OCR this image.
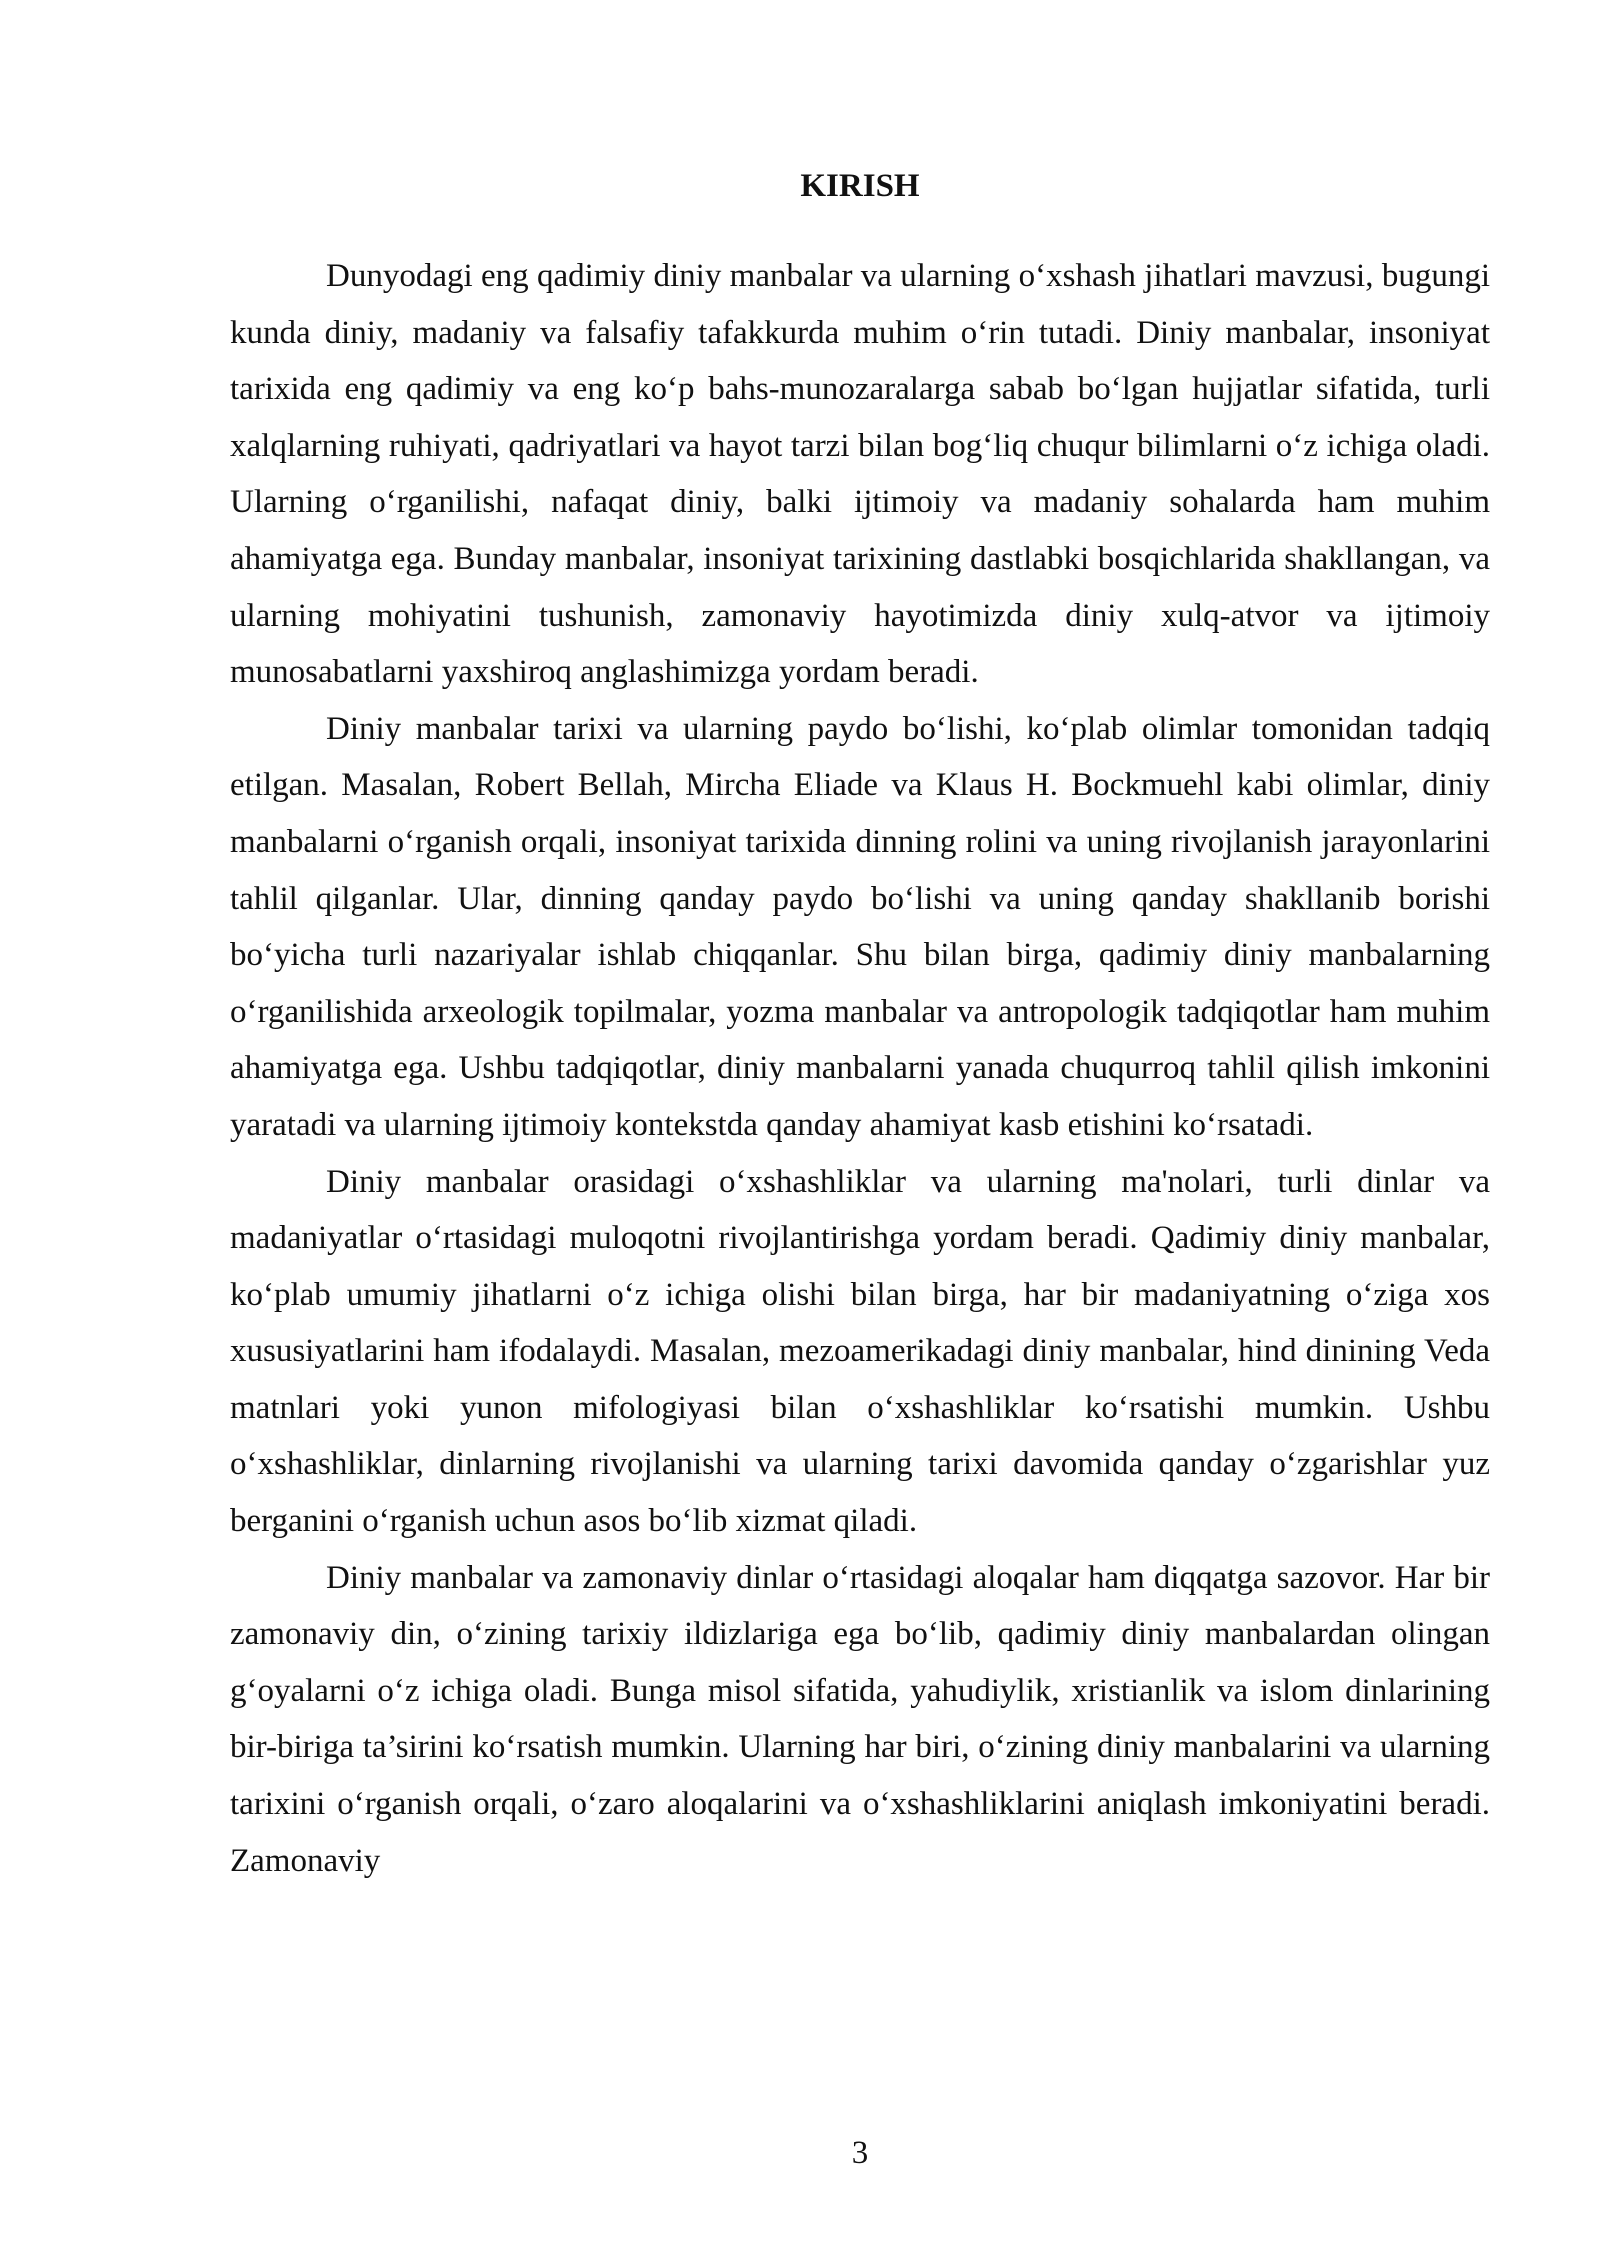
KIRISH

Dunyodagi eng qadimiy diniy manbalar va ularning o‘xshash jihatlari mavzusi, bugungi kunda diniy, madaniy va falsafiy tafakkurda muhim o‘rin tutadi. Diniy manbalar, insoniyat tarixida eng qadimiy va eng ko‘p bahs-munozaralarga sabab bo‘lgan hujjatlar sifatida, turli xalqlarning ruhiyati, qadriyatlari va hayot tarzi bilan bog‘liq chuqur bilimlarni o‘z ichiga oladi. Ularning o‘rganilishi, nafaqat diniy, balki ijtimoiy va madaniy sohalarda ham muhim ahamiyatga ega. Bunday manbalar, insoniyat tarixining dastlabki bosqichlarida shakllangan, va ularning mohiyatini tushunish, zamonaviy hayotimizda diniy xulq-atvor va ijtimoiy munosabatlarni yaxshiroq anglashimizga yordam beradi.

Diniy manbalar tarixi va ularning paydo bo‘lishi, ko‘plab olimlar tomonidan tadqiq etilgan. Masalan, Robert Bellah, Mircha Eliade va Klaus H. Bockmuehl kabi olimlar, diniy manbalarni o‘rganish orqali, insoniyat tarixida dinning rolini va uning rivojlanish jarayonlarini tahlil qilganlar. Ular, dinning qanday paydo bo‘lishi va uning qanday shakllanib borishi bo‘yicha turli nazariyalar ishlab chiqqanlar. Shu bilan birga, qadimiy diniy manbalarning o‘rganilishida arxeologik topilmalar, yozma manbalar va antropologik tadqiqotlar ham muhim ahamiyatga ega. Ushbu tadqiqotlar, diniy manbalarni yanada chuqurroq tahlil qilish imkonini yaratadi va ularning ijtimoiy kontekstda qanday ahamiyat kasb etishini ko‘rsatadi.

Diniy manbalar orasidagi o‘xshashliklar va ularning ma'nolari, turli dinlar va madaniyatlar o‘rtasidagi muloqotni rivojlantirishga yordam beradi. Qadimiy diniy manbalar, ko‘plab umumiy jihatlarni o‘z ichiga olishi bilan birga, har bir madaniyatning o‘ziga xos xususiyatlarini ham ifodalaydi. Masalan, mezoamerikadagi diniy manbalar, hind dinining Veda matnlari yoki yunon mifologiyasi bilan o‘xshashliklar ko‘rsatishi mumkin. Ushbu o‘xshashliklar, dinlarning rivojlanishi va ularning tarixi davomida qanday o‘zgarishlar yuz berganini o‘rganish uchun asos bo‘lib xizmat qiladi.

Diniy manbalar va zamonaviy dinlar o‘rtasidagi aloqalar ham diqqatga sazovor. Har bir zamonaviy din, o‘zining tarixiy ildizlariga ega bo‘lib, qadimiy diniy manbalardan olingan g‘oyalarni o‘z ichiga oladi. Bunga misol sifatida, yahudiylik, xristianlik va islom dinlarining bir-biriga ta’sirini ko‘rsatish mumkin. Ularning har biri, o‘zining diniy manbalarini va ularning tarixini o‘rganish orqali, o‘zaro aloqalarini va o‘xshashliklarini aniqlash imkoniyatini beradi. Zamonaviy

3
